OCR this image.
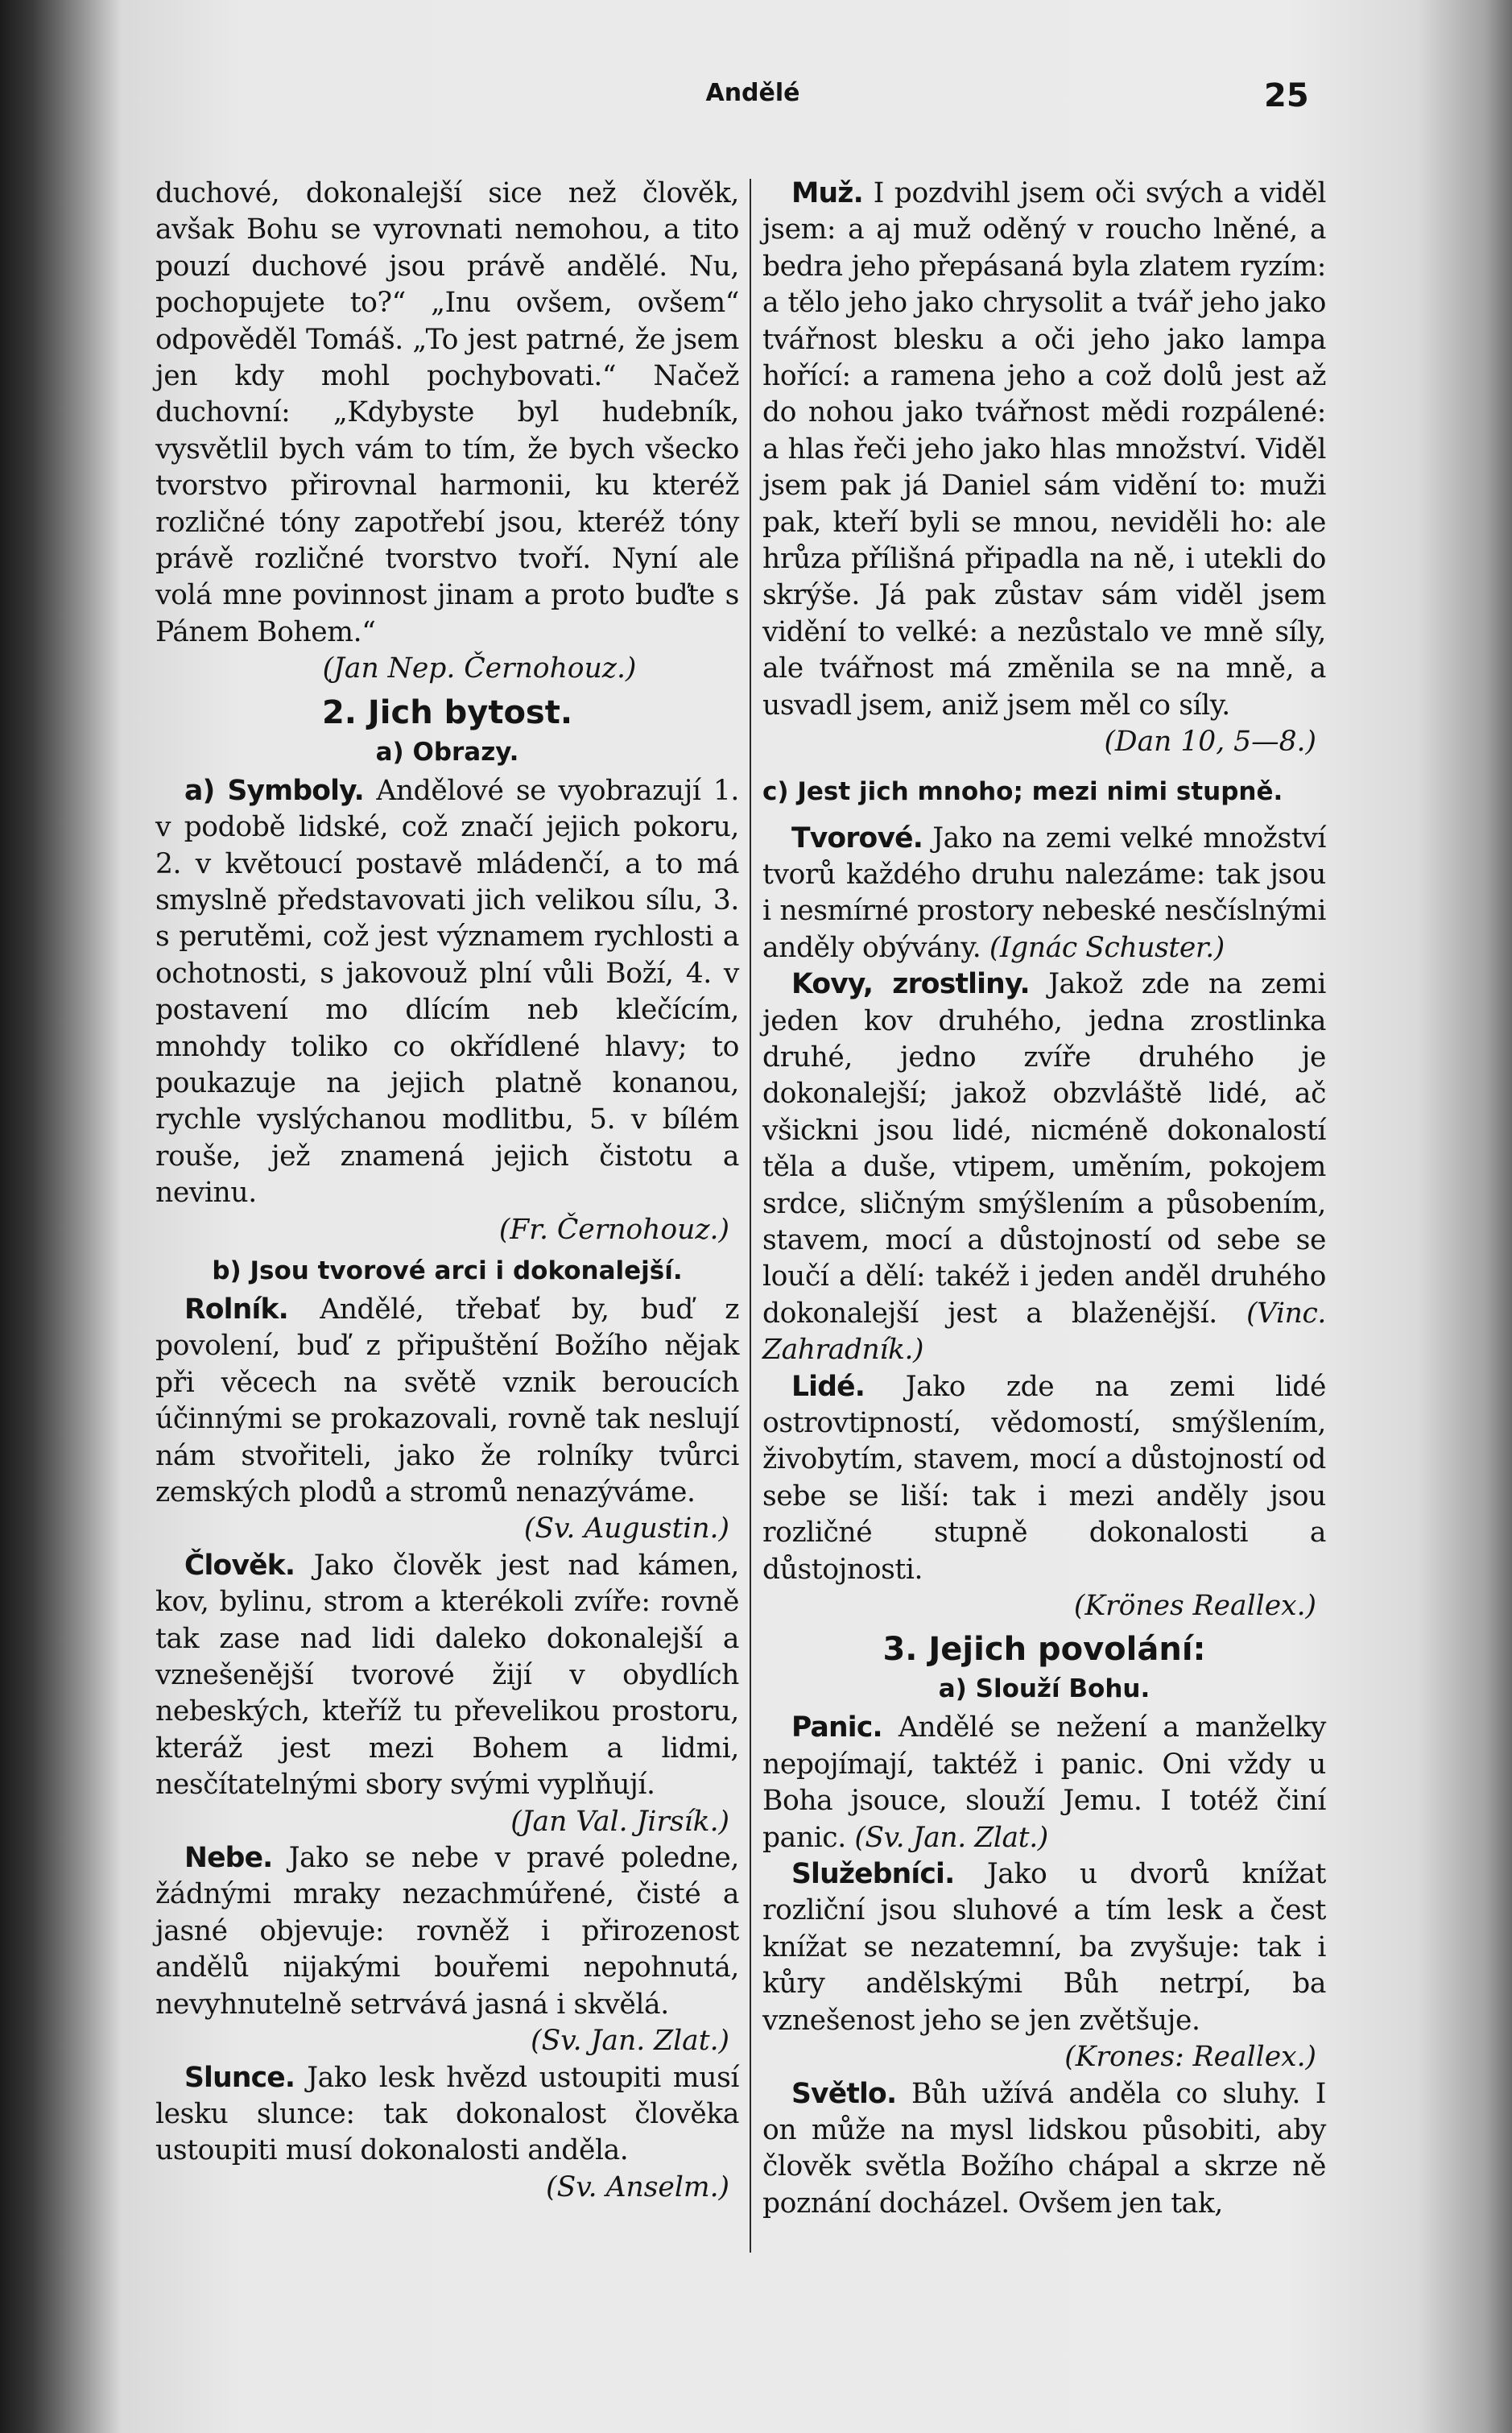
Andělé	25

duchové, dokonalejší sice než člověk, avšak Bohu se vyrovnati nemohou, a tito pouzí duchové jsou právě andělé. Nu, pochopujete to?“ „Inu ovšem, ovšem“ odpověděl Tomáš. „To jest patrné, že jsem jen kdy mohl pochybovati.“ Načež duchovní: „Kdybyste byl hudebník, vysvětlil bych vám to tím, že bych všecko tvorstvo přirovnal harmonii, ku kteréž rozličné tóny zapotřebí jsou, kteréž tóny právě rozličné tvorstvo tvoří. Nyní ale volá mne povinnost jinam a proto buďte s Pánem Bohem.“

(Jan Nep. Černohouz.)

2. Jich bytost.
a) Obrazy.

a) Symboly. Andělové se vyobrazují 1. v podobě lidské, což značí jejich pokoru, 2. v květoucí postavě mládenčí, a to má smyslně představovati jich velikou sílu, 3. s perutěmi, což jest významem rychlosti a ochotnosti, s jakovouž plní vůli Boží, 4. v postavení mo dlícím neb klečícím, mnohdy toliko co okřídlené hlavy; to poukazuje na jejich platně konanou, rychle vyslýchanou modlitbu, 5. v bílém rouše, jež znamená jejich čistotu a nevinu.

(Fr. Černohouz.)

b) Jsou tvorové arci i dokonalejší.

Rolník. Andělé, třebať by, buď z povolení, buď z připuštění Božího nějak při věcech na světě vznik beroucích účinnými se prokazovali, rovně tak neslují nám stvořiteli, jako že rolníky tvůrci zemských plodů a stromů nenazýváme.

(Sv. Augustin.)

Člověk. Jako člověk jest nad kámen, kov, bylinu, strom a kterékoli zvíře: rovně tak zase nad lidi daleko dokonalejší a vznešenější tvorové žijí v obydlích nebeských, kteříž tu převelikou prostoru, kteráž jest mezi Bohem a lidmi, nesčítatelnými sbory svými vyplňují.

(Jan Val. Jirsík.)

Nebe. Jako se nebe v pravé poledne, žádnými mraky nezachmúřené, čisté a jasné objevuje: rovněž i přirozenost andělů nijakými bouřemi nepohnutá, nevyhnutelně setrvává jasná i skvělá.

(Sv. Jan. Zlat.)

Slunce. Jako lesk hvězd ustoupiti musí lesku slunce: tak dokonalost člověka ustoupiti musí dokonalosti anděla.

(Sv. Anselm.)

Muž. I pozdvihl jsem oči svých a viděl jsem: a aj muž oděný v roucho lněné, a bedra jeho přepásaná byla zlatem ryzím: a tělo jeho jako chrysolit a tvář jeho jako tvářnost blesku a oči jeho jako lampa hořící: a ramena jeho a což dolů jest až do nohou jako tvářnost mědi rozpálené: a hlas řeči jeho jako hlas množství. Viděl jsem pak já Daniel sám vidění to: muži pak, kteří byli se mnou, neviděli ho: ale hrůza přílišná připadla na ně, i utekli do skrýše. Já pak zůstav sám viděl jsem vidění to velké: a nezůstalo ve mně síly, ale tvářnost má změnila se na mně, a usvadl jsem, aniž jsem měl co síly.

(Dan 10, 5—8.)

c) Jest jich mnoho; mezi nimi stupně.

Tvorové. Jako na zemi velké množství tvorů každého druhu nalezáme: tak jsou i nesmírné prostory nebeské nesčíslnými anděly obývány. (Ignác Schuster.)

Kovy, zrostliny. Jakož zde na zemi jeden kov druhého, jedna zrostlinka druhé, jedno zvíře druhého je dokonalejší; jakož obzvláště lidé, ač všickni jsou lidé, nicméně dokonalostí těla a duše, vtipem, uměním, pokojem srdce, sličným smýšlením a působením, stavem, mocí a důstojností od sebe se loučí a dělí: takéž i jeden anděl druhého dokonalejší jest a blaženější. (Vinc. Zahradník.)

Lidé. Jako zde na zemi lidé ostrovtipností, vědomostí, smýšlením, živobytím, stavem, mocí a důstojností od sebe se liší: tak i mezi anděly jsou rozličné stupně dokonalosti a důstojnosti.

(Krönes Reallex.)

3. Jejich povolání:
a) Slouží Bohu.

Panic. Andělé se nežení a manželky nepojímají, taktéž i panic. Oni vždy u Boha jsouce, slouží Jemu. I totéž činí panic. (Sv. Jan. Zlat.)

Služebníci. Jako u dvorů knížat rozliční jsou sluhové a tím lesk a čest knížat se nezatemní, ba zvyšuje: tak i kůry andělskými Bůh netrpí, ba vznešenost jeho se jen zvětšuje.

(Krones: Reallex.)

Světlo. Bůh užívá anděla co sluhy. I on může na mysl lidskou působiti, aby člověk světla Božího chápal a skrze ně poznání docházel. Ovšem jen tak,
